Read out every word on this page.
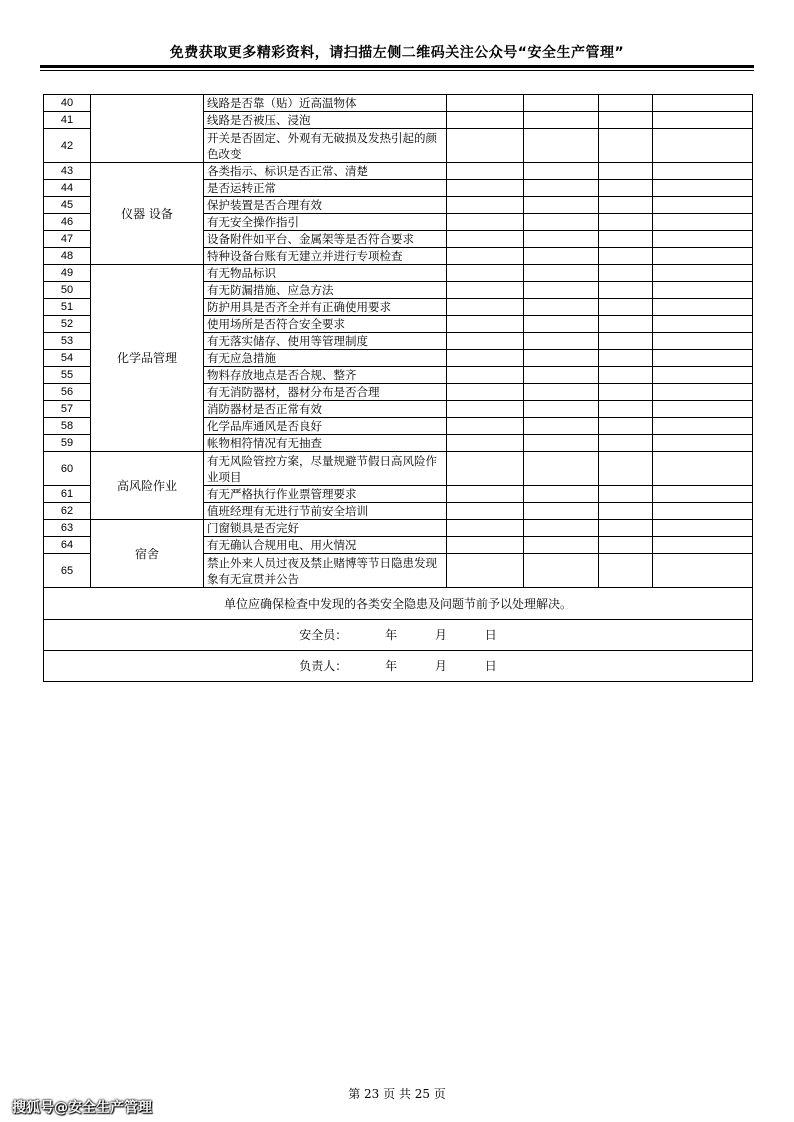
免费获取更多精彩资料，请扫描左侧二维码关注公众号“安全生产管理”
40		线路是否靠（贴）近高温物体				
41		线路是否被压、浸泡				
42		开关是否固定、外观有无破损及发热引起的颜色改变				
43	仪器 设备	各类指示、标识是否正常、清楚				
44		是否运转正常				
45		保护装置是否合理有效				
46		有无安全操作指引				
47		设备附件如平台、金属架等是否符合要求				
48		特种设备台账有无建立并进行专项检查				
49	化学品管理	有无物品标识				
50		有无防漏措施、应急方法				
51		防护用具是否齐全并有正确使用要求				
52		使用场所是否符合安全要求				
53		有无落实储存、使用等管理制度				
54		有无应急措施				
55		物料存放地点是否合规、整齐				
56		有无消防器材，器材分布是否合理				
57		消防器材是否正常有效				
58		化学品库通风是否良好				
59		帐物相符情况有无抽查				
60	高风险作业	有无风险管控方案，尽量规避节假日高风险作业项目				
61		有无严格执行作业票管理要求				
62		值班经理有无进行节前安全培训				
63	宿舍	门窗锁具是否完好				
64		有无确认合规用电、用火情况				
65		禁止外来人员过夜及禁止赌博等节日隐患发现象有无宣贯并公告				
单位应确保检查中发现的各类安全隐患及问题节前予以处理解决。						
安全员： 年 月 日						
负责人： 年 月 日						
第 23 页 共 25 页
搜狐号@安全生产管理
